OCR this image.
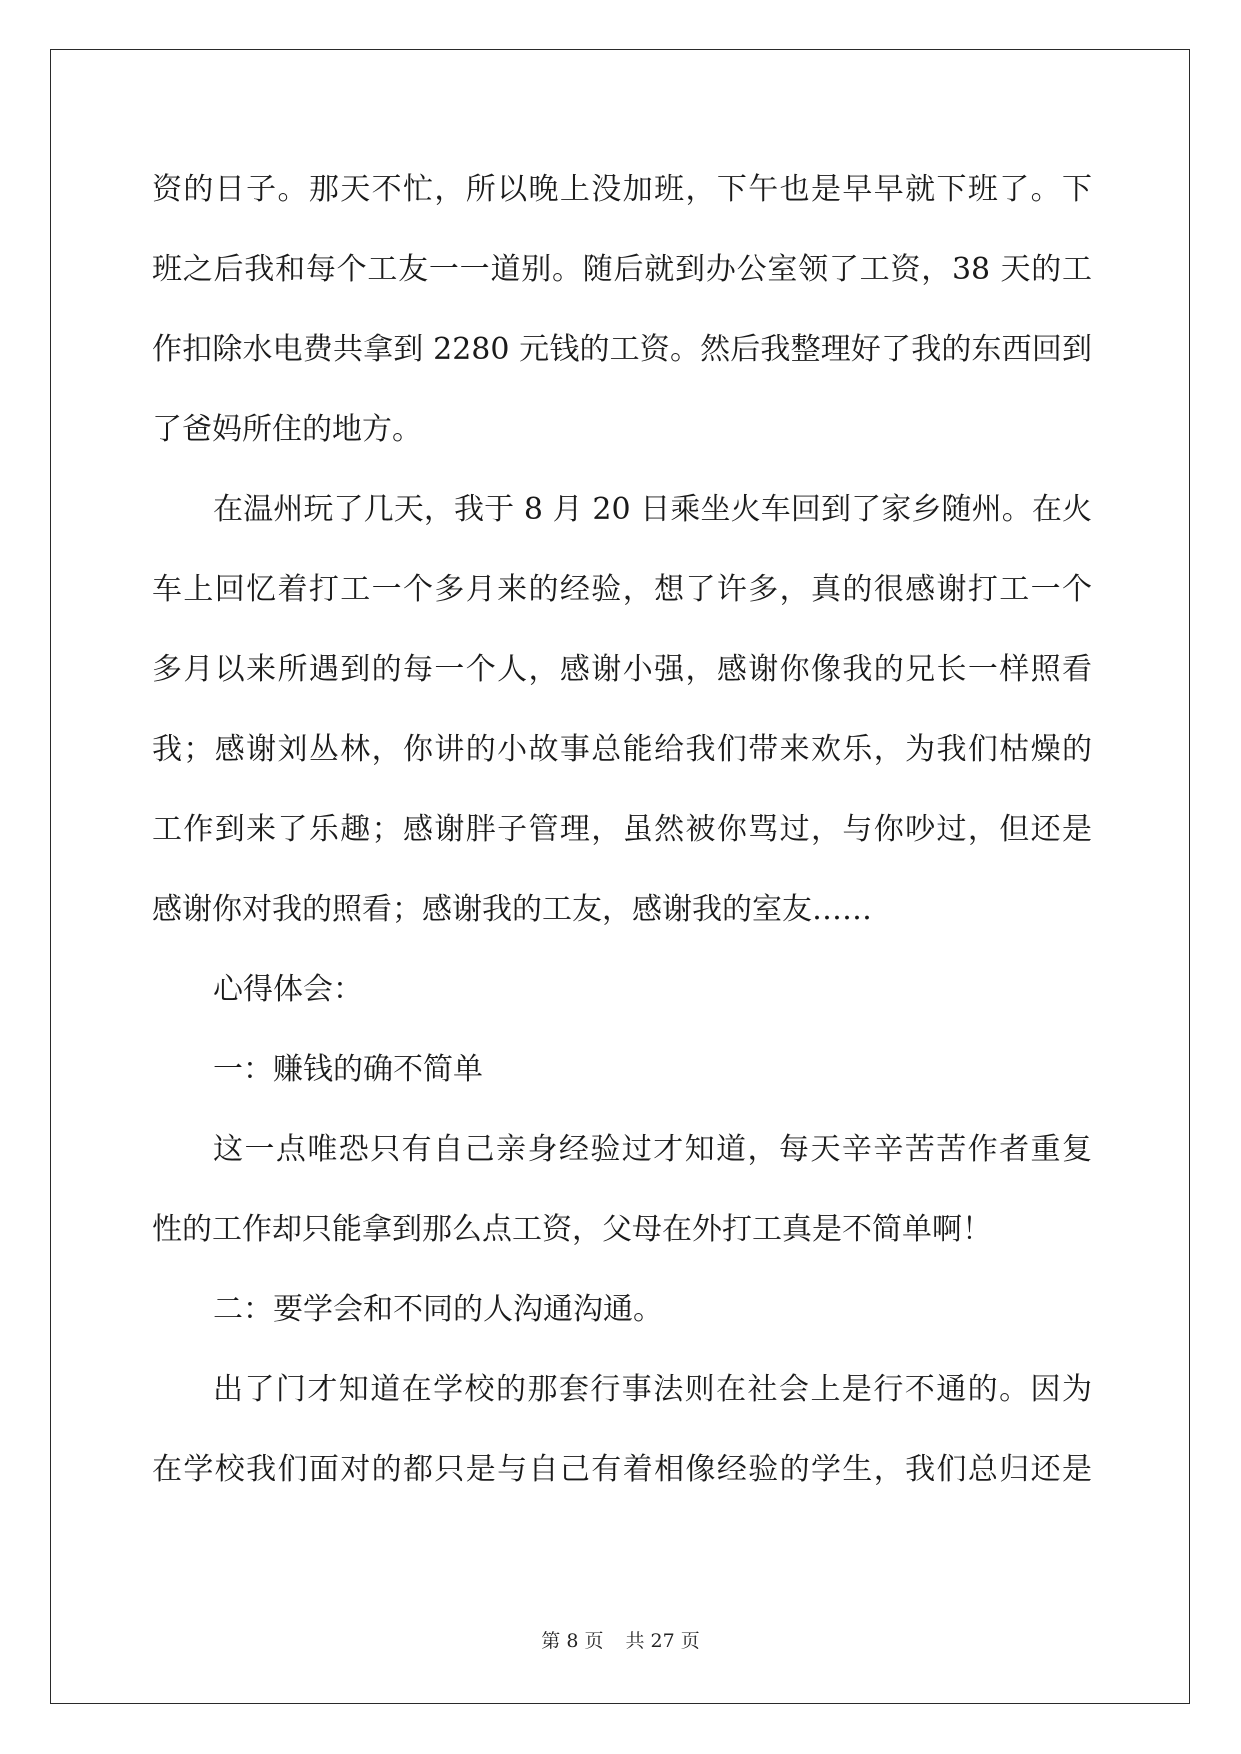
资的日子。那天不忙，所以晚上没加班，下午也是早早就下班了。下
班之后我和每个工友一一道别。随后就到办公室领了工资，38 天的工
作扣除水电费共拿到 2280 元钱的工资。然后我整理好了我的东西回到
了爸妈所住的地方。
在温州玩了几天，我于 8 月 20 日乘坐火车回到了家乡随州。在火
车上回忆着打工一个多月来的经验，想了许多，真的很感谢打工一个
多月以来所遇到的每一个人，感谢小强，感谢你像我的兄长一样照看
我；感谢刘丛林，你讲的小故事总能给我们带来欢乐，为我们枯燥的
工作到来了乐趣；感谢胖子管理，虽然被你骂过，与你吵过，但还是
感谢你对我的照看；感谢我的工友，感谢我的室友……
心得体会：
一：赚钱的确不简单
这一点唯恐只有自己亲身经验过才知道，每天辛辛苦苦作者重复
性的工作却只能拿到那么点工资，父母在外打工真是不简单啊！
二：要学会和不同的人沟通沟通。
出了门才知道在学校的那套行事法则在社会上是行不通的。因为
在学校我们面对的都只是与自己有着相像经验的学生，我们总归还是
第 8 页 共 27 页
